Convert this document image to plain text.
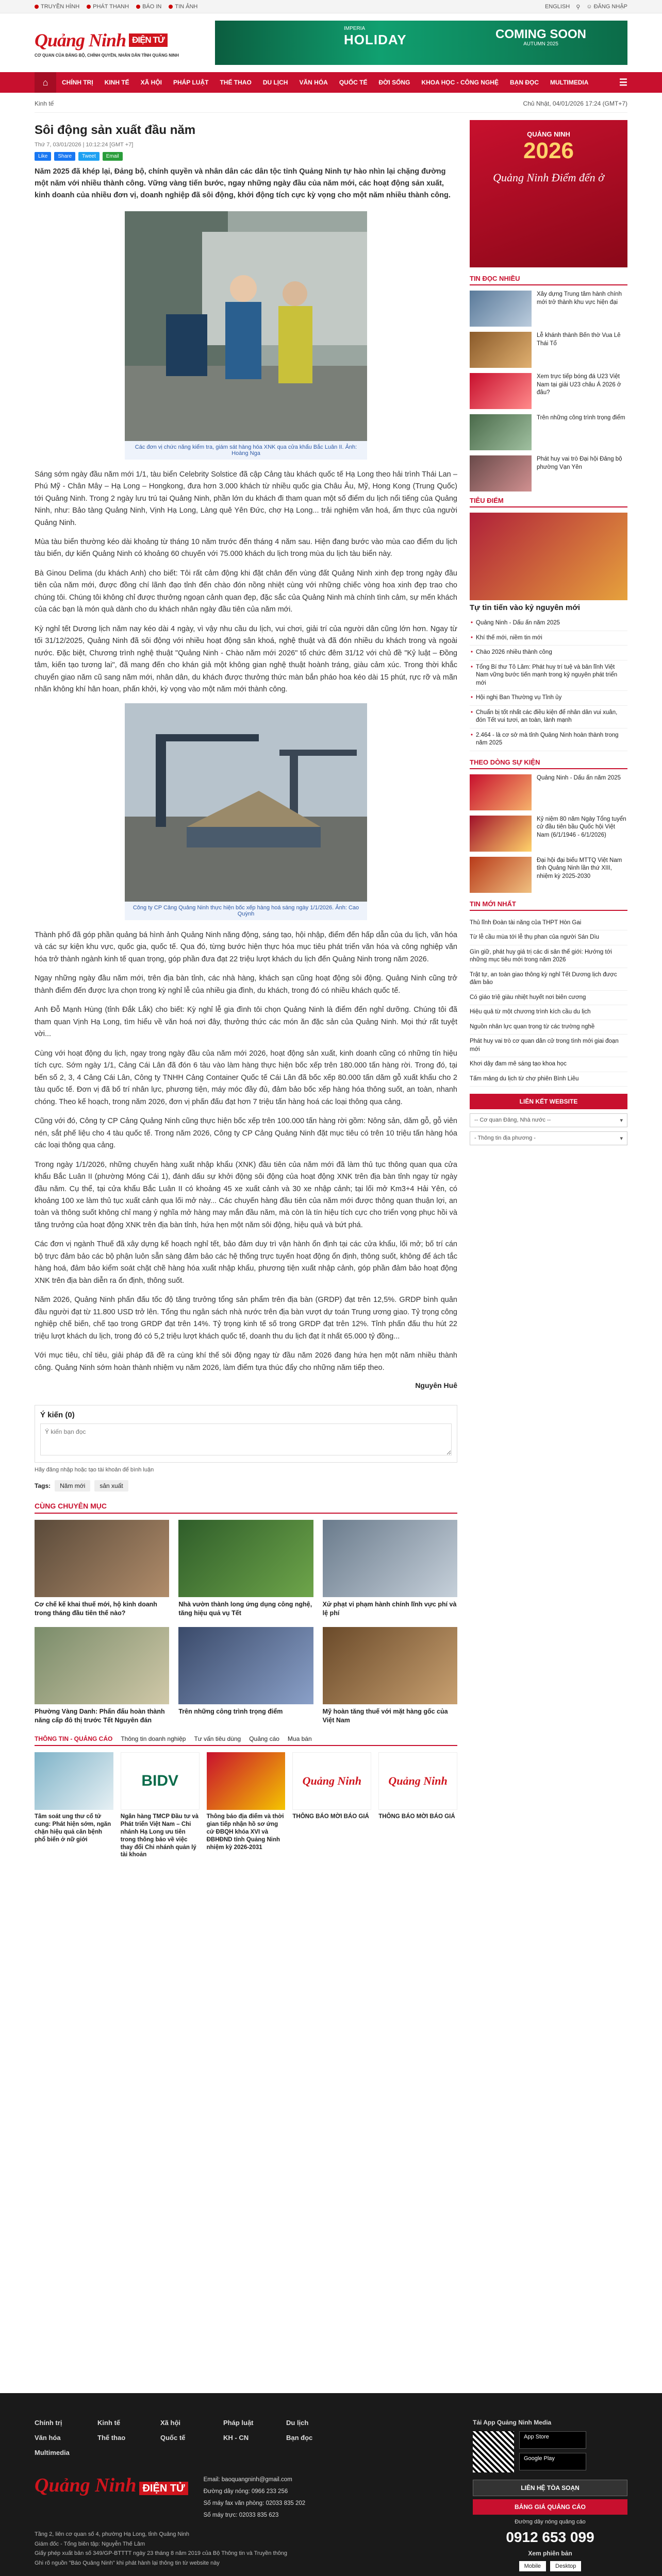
TRUYỀN HÌNH	PHÁT THANH	BÁO IN	TIN ẢNH	ENGLISH ⚲ ☺ ĐĂNG NHẬP
Quảng Ninh ĐIỆN TỬ
CƠ QUAN CỦA ĐẢNG BỘ, CHÍNH QUYỀN, NHÂN DÂN TỈNH QUẢNG NINH
IMPERIA
HOLIDAY	COMING SOON
AUTUMN 2025
⌂	CHÍNH TRỊ	KINH TẾ	XÃ HỘI	PHÁP LUẬT	THẾ THAO	DU LỊCH	VĂN HÓA	QUỐC TẾ	ĐỜI SỐNG	KHOA HỌC - CÔNG NGHỆ	BẠN ĐỌC	MULTIMEDIA	☰
Kinh tế	Chủ Nhật, 04/01/2026 17:24 (GMT+7)
Sôi động sản xuất đầu năm
Thứ 7, 03/01/2026 | 10:12:24 [GMT +7]
Like	Share	Tweet	Email
Năm 2025 đã khép lại, Đảng bộ, chính quyền và nhân dân các dân tộc tỉnh Quảng Ninh tự hào nhìn lại chặng đường một năm với nhiều thành công. Vững vàng tiến bước, ngay những ngày đầu của năm mới, các hoạt động sản xuất, kinh doanh của nhiều đơn vị, doanh nghiệp đã sôi động, khởi động tích cực kỳ vọng cho một năm nhiều thành công.
Các đơn vị chức năng kiểm tra, giám sát hàng hóa XNK qua cửa khẩu Bắc Luân II. Ảnh: Hoàng Nga

Sáng sớm ngày đầu năm mới 1/1, tàu biển Celebrity Solstice đã cập Cảng tàu khách quốc tế Hạ Long theo hải trình Thái Lan – Phú Mỹ - Chân Mây – Hạ Long – Hongkong, đưa hơn 3.000 khách từ nhiều quốc gia Châu Âu, Mỹ, Hong Kong (Trung Quốc) tới Quảng Ninh. Trong 2 ngày lưu trú tại Quảng Ninh, phần lớn du khách đi tham quan một số điểm du lịch nổi tiếng của Quảng Ninh, như: Bảo tàng Quảng Ninh, Vịnh Hạ Long, Làng quê Yên Đức, chợ Hạ Long... trải nghiệm văn hoá, ẩm thực của người Quảng Ninh.

Mùa tàu biển thường kéo dài khoảng từ tháng 10 năm trước đến tháng 4 năm sau. Hiện đang bước vào mùa cao điểm du lịch tàu biển, dự kiến Quảng Ninh có khoảng 60 chuyến với 75.000 khách du lịch trong mùa du lịch tàu biển này.

Bà Ginou Delima (du khách Anh) cho biết: Tôi rất cảm động khi đặt chân đến vùng đất Quảng Ninh xinh đẹp trong ngày đầu tiên của năm mới, được đồng chí lãnh đạo tỉnh đến chào đón nồng nhiệt cùng với những chiếc vòng hoa xinh đẹp trao cho chúng tôi. Chúng tôi không chỉ được thưởng ngoạn cảnh quan đẹp, đặc sắc của Quảng Ninh mà chính tình cảm, sự mến khách của các bạn là món quà dành cho du khách nhân ngày đầu tiên của năm mới.

Kỳ nghỉ tết Dương lịch năm nay kéo dài 4 ngày, vì vậy nhu cầu du lịch, vui chơi, giải trí của người dân cũng lớn hơn. Ngay từ tối 31/12/2025, Quảng Ninh đã sôi động với nhiều hoạt động sân khoá, nghệ thuật và đã đón nhiều du khách trong và ngoài nước. Đặc biệt, Chương trình nghệ thuật "Quảng Ninh - Chào năm mới 2026" tổ chức đêm 31/12 với chủ đề "Kỷ luật – Đồng tâm, kiến tạo tương lai", đã mang đến cho khán giả một không gian nghệ thuật hoành tráng, giàu cảm xúc. Trong thời khắc chuyển giao năm cũ sang năm mới, nhân dân, du khách được thưởng thức màn bắn pháo hoa kéo dài 15 phút, rực rỡ và mãn nhãn không khí hân hoan, phấn khởi, kỳ vọng vào một năm mới thành công.

Công ty CP Cảng Quảng Ninh thực hiện bốc xếp hàng hoá sáng ngày 1/1/2026. Ảnh: Cao Quỳnh

Thành phố đã góp phần quảng bá hình ảnh Quảng Ninh năng động, sáng tạo, hội nhập, điểm đến hấp dẫn của du lịch, văn hóa và các sự kiện khu vực, quốc gia, quốc tế. Qua đó, từng bước hiện thực hóa mục tiêu phát triển văn hóa và công nghiệp văn hóa trở thành ngành kinh tế quan trọng, góp phần đưa đạt 22 triệu lượt khách du lịch đến Quảng Ninh trong năm 2026.

Ngay những ngày đầu năm mới, trên địa bàn tỉnh, các nhà hàng, khách sạn cũng hoạt động sôi động. Quảng Ninh cũng trở thành điểm đến được lựa chọn trong kỳ nghỉ lễ của nhiều gia đình, du khách, trong đó có nhiều khách quốc tế.

Anh Đỗ Mạnh Hùng (tỉnh Đắk Lắk) cho biết: Kỳ nghỉ lễ gia đình tôi chọn Quảng Ninh là điểm đến nghỉ dưỡng. Chúng tôi đã tham quan Vịnh Hạ Long, tìm hiểu về văn hoá nơi đây, thưởng thức các món ăn đặc sản của Quảng Ninh. Mọi thứ rất tuyệt vời...

Cùng với hoạt động du lịch, ngay trong ngày đầu của năm mới 2026, hoạt động sản xuất, kinh doanh cũng có những tín hiệu tích cực. Sớm ngày 1/1, Cảng Cái Lân đã đón 6 tàu vào làm hàng thực hiện bốc xếp trên 180.000 tấn hàng rời. Trong đó, tại bến số 2, 3, 4 Cảng Cái Lân, Công ty TNHH Cảng Container Quốc tế Cái Lân đã bốc xếp 80.000 tấn dăm gỗ xuất khẩu cho 2 tàu quốc tế. Đơn vị đã bố trí nhân lực, phương tiện, máy móc đầy đủ, đảm bảo bốc xếp hàng hóa thông suốt, an toàn, nhanh chóng. Theo kế hoạch, trong năm 2026, đơn vị phấn đấu đạt hơn 7 triệu tấn hàng hoá các loại thông qua cảng.

Cũng với đó, Công ty CP Cảng Quảng Ninh cũng thực hiện bốc xếp trên 100.000 tấn hàng rời gồm: Nông sản, dăm gỗ, gỗ viên nén, sắt phế liệu cho 4 tàu quốc tế. Trong năm 2026, Công ty CP Cảng Quảng Ninh đặt mục tiêu có trên 10 triệu tấn hàng hóa các loại thông qua cảng.

Trong ngày 1/1/2026, những chuyến hàng xuất nhập khẩu (XNK) đầu tiên của năm mới đã làm thủ tục thông quan qua cửa khẩu Bắc Luân II (phường Móng Cái 1), đánh dấu sự khởi động sôi động của hoạt động XNK trên địa bàn tỉnh ngay từ ngày đầu năm. Cụ thể, tại cửa khẩu Bắc Luân II có khoảng 45 xe xuất cảnh và 30 xe nhập cảnh; tại lối mở Km3+4 Hải Yên, có khoảng 100 xe làm thủ tục xuất cảnh qua lối mở này... Các chuyến hàng đầu tiên của năm mới được thông quan thuận lợi, an toàn và thông suốt không chỉ mang ý nghĩa mở hàng may mắn đầu năm, mà còn là tín hiệu tích cực cho triển vọng phục hồi và tăng trưởng của hoạt động XNK trên địa bàn tỉnh, hứa hẹn một năm sôi động, hiệu quả và bứt phá.

Các đơn vị ngành Thuế đã xây dựng kế hoạch nghỉ tết, bảo đảm duy trì vận hành ổn định tại các cửa khẩu, lối mở; bố trí cán bộ trực đảm bảo các bộ phận luôn sẵn sàng đảm bảo các hệ thống trực tuyến hoạt động ổn định, thông suốt, không để ách tắc hàng hoá, đảm bảo kiểm soát chặt chẽ hàng hóa xuất nhập khẩu, phương tiện xuất nhập cảnh, góp phần đảm bảo hoạt động XNK trên địa bàn diễn ra ổn định, thông suốt.

Năm 2026, Quảng Ninh phấn đấu tốc độ tăng trưởng tổng sản phẩm trên địa bàn (GRDP) đạt trên 12,5%. GRDP bình quân đầu người đạt từ 11.800 USD trở lên. Tổng thu ngân sách nhà nước trên địa bàn vượt dự toán Trung ương giao. Tỷ trọng công nghiệp chế biến, chế tạo trong GRDP đạt trên 14%. Tỷ trọng kinh tế số trong GRDP đạt trên 12%. Tỉnh phấn đấu thu hút 22 triệu lượt khách du lịch, trong đó có 5,2 triệu lượt khách quốc tế, doanh thu du lịch đạt ít nhất 65.000 tỷ đồng...

Với mục tiêu, chỉ tiêu, giải pháp đã đề ra cùng khí thế sôi động ngay từ đầu năm 2026 đang hứa hẹn một năm nhiều thành công. Quảng Ninh sớm hoàn thành nhiệm vụ năm 2026, làm điểm tựa thúc đẩy cho những năm tiếp theo.

Nguyên Huê
Ý kiến (0)
Ý kiến bạn đọc
Hãy đăng nhập hoặc tạo tài khoản để bình luận
Tags:	Năm mới	sản xuất
CÙNG CHUYÊN MỤC
Cơ chế kế khai thuế mới, hộ kinh doanh trong tháng đầu tiên thế nào?
Nhà vườn thành long ứng dụng công nghệ, tăng hiệu quả vụ Tết
Xử phạt vi phạm hành chính lĩnh vực phí và lệ phí
Phường Vàng Danh: Phấn đấu hoàn thành năng cấp đô thị trước Tết Nguyên đán
Trên những công trình trọng điểm	Mỹ hoàn tăng thuế với mặt hàng gốc của Việt Nam
THÔNG TIN - QUẢNG CÁO Thông tin doanh nghiệp Tư vấn tiêu dùng Quảng cáo Mua bán
Tâm soát ung thư cổ tử cung: Phát hiện sớm, ngăn chặn hiệu quả căn bệnh phổ biến ở nữ giới
BIDV
Ngân hàng TMCP Đầu tư và Phát triển Việt Nam – Chi nhánh Hạ Long ưu tiên trong thông báo về việc thay đổi Chi nhánh quản lý tài khoản
Thông báo địa điểm và thời gian tiếp nhận hồ sơ ứng cử ĐBQH khóa XVI và ĐBHĐND tỉnh Quảng Ninh nhiệm kỳ 2026-2031
Quảng Ninh
THÔNG BÁO MỜI BÁO GIÁ
Quảng Ninh
THÔNG BÁO MỜI BÁO GIÁ
QUẢNG NINH
2026
Quảng Ninh Điểm đến ở
TIN ĐỌC NHIỀU
Xây dựng Trung tâm hành chính mới trở thành khu vực hiện đại
Lễ khánh thành Bến thờ Vua Lê Thái Tổ
Xem trực tiếp bóng đá U23 Việt Nam tại giải U23 châu Á 2026 ở đâu?
Trên những công trình trọng điểm
Phát huy vai trò Đại hội Đảng bộ phường Vạn Yên
TIÊU ĐIỂM
Tự tin tiến vào kỷ nguyên mới
• Quảng Ninh - Dấu ấn năm 2025
• Khí thế mới, niềm tin mới
• Chào 2026 nhiều thành công
• Tổng Bí thư Tô Lâm: Phát huy trí tuệ và bản lĩnh Việt Nam vững bước tiến mạnh trong kỷ nguyên phát triển mới
• Hội nghị Ban Thường vụ Tỉnh ủy
• Chuẩn bị tốt nhất các điều kiện để nhân dân vui xuân, đón Tết vui tươi, an toàn, lành mạnh
• 2.464 - là cơ sở mà tỉnh Quảng Ninh hoàn thành trong năm 2025
THEO DÒNG SỰ KIỆN
Quảng Ninh - Dấu ấn năm 2025
Kỷ niệm 80 năm Ngày Tổng tuyển cử đầu tiên bầu Quốc hội Việt Nam (6/1/1946 - 6/1/2026)
Đại hội đại biểu MTTQ Việt Nam tỉnh Quảng Ninh lần thứ XIII, nhiệm kỳ 2025-2030
TIN MỚI NHẤT
Thủ lĩnh Đoàn tài năng của THPT Hòn Gai
Từ lễ cầu mùa tới lễ thụ phan của người Sán Dìu
Gìn giữ, phát huy giá trị các di sản thế giới: Hướng tới những mục tiêu mới trong năm 2026
Trật tự, an toàn giao thông kỳ nghỉ Tết Dương lịch được đảm bảo
Có giáo trìệ giàu nhiệt huyết nơi biên cương
Hiệu quả từ một chương trình kích cầu du lịch
Nguồn nhân lực quan trọng từ các trường nghề
Phát huy vai trò cơ quan dân cử trong tình mới giai đoạn mới
Khơi dậy đam mê sáng tạo khoa học
Tấm mảng du lịch từ chợ phiên Bình Liêu
LIÊN KẾT WEBSITE
-- Cơ quan Đảng, Nhà nước --	▾
- Thông tin địa phương -	▾
Chính trị	Kinh tế	Xã hội	Pháp luật	Du lịch
Văn hóa	Thế thao	Quốc tế	KH - CN	Bạn đọc
Multimedia
Quảng Ninh ĐIỆN TỬ
Email: baoquangninh@gmail.com
Đường dây nóng: 0966 233 256
Số máy fax văn phòng: 02033 835 202
Số máy trực: 02033 835 623
Tầng 2, liên cơ quan số 4, phường Hạ Long, tỉnh Quảng Ninh
Giám đốc - Tổng biên tập: Nguyễn Thế Lâm
Giấy phép xuất bản số 349/GP-BTTTT ngày 23 tháng 8 năm 2019 của Bộ Thông tin và Truyền thông
Ghi rõ nguồn "Báo Quảng Ninh" khi phát hành lại thông tin từ website này
Tải App Quảng Ninh Media
App Store
Google Play
LIÊN HỆ TÒA SOẠN
BẢNG GIÁ QUẢNG CÁO
Đường dây nóng quảng cáo
0912 653 099
Xem phiên bản
Mobile	Desktop
